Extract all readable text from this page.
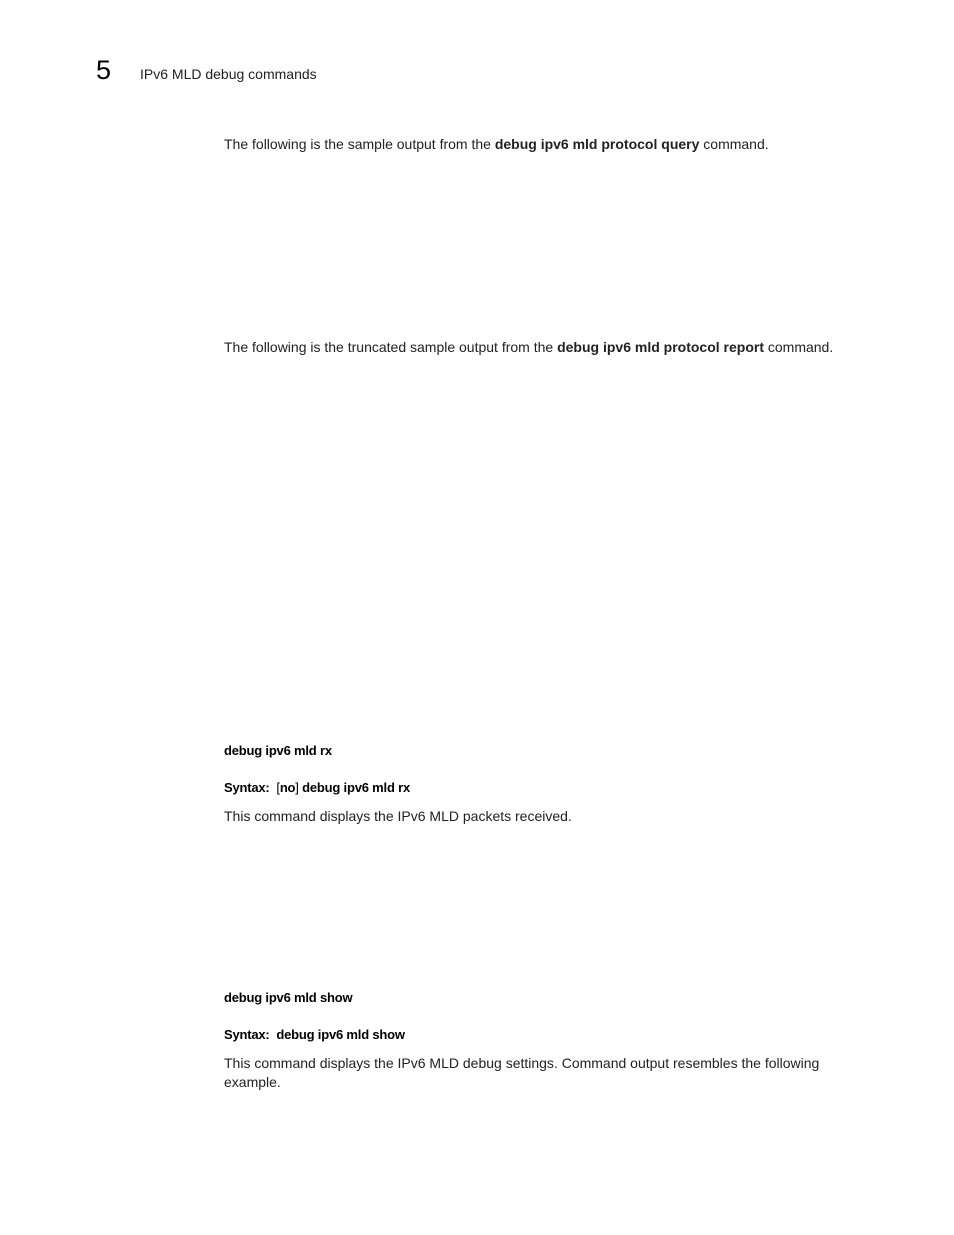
5 IPv6 MLD debug commands
The following is the sample output from the debug ipv6 mld protocol query command.
The following is the truncated sample output from the debug ipv6 mld protocol report command.
debug ipv6 mld rx
Syntax: [no] debug ipv6 mld rx
This command displays the IPv6 MLD packets received.
debug ipv6 mld show
Syntax: debug ipv6 mld show
This command displays the IPv6 MLD debug settings. Command output resembles the following example.
